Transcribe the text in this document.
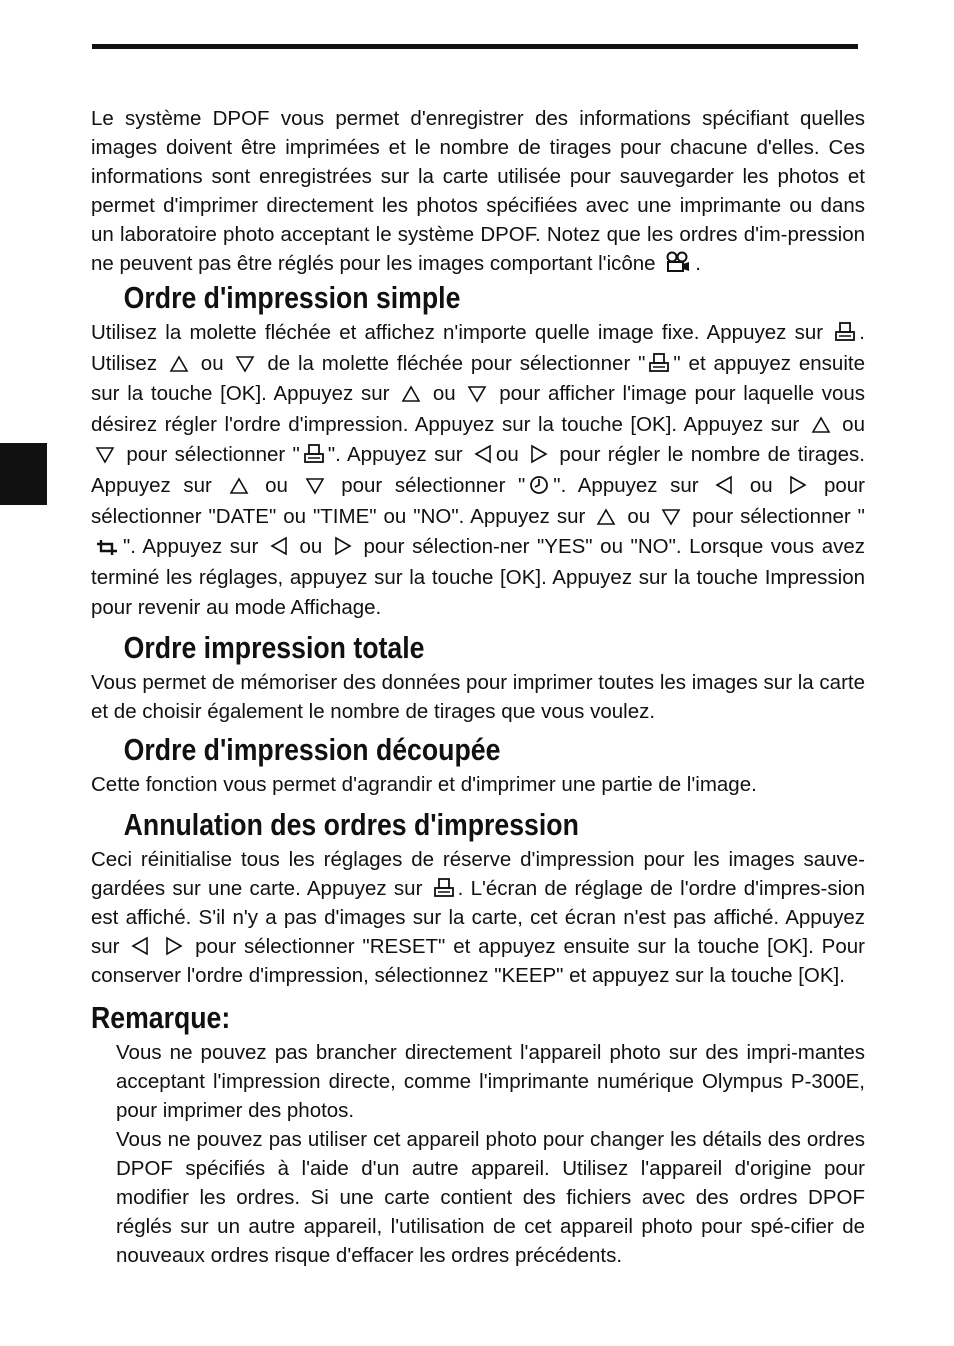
Le système DPOF vous permet d'enregistrer des informations spécifiant quelles images doivent être imprimées et le nombre de tirages pour chacune d'elles. Ces informations sont enregistrées sur la carte utilisée pour sauvegarder les photos et permet d'imprimer directement les photos spécifiées avec une imprimante ou dans un laboratoire photo acceptant le système DPOF. Notez que les ordres d'im-pression ne peuvent pas être réglés pour les images comportant l'icône .

Ordre d'impression simple

Utilisez la molette fléchée et affichez n'importe quelle image fixe. Appuyez sur . Utilisez ou de la molette fléchée pour sélectionner " " et appuyez ensuite sur la touche [OK]. Appuyez sur ou pour afficher l'image pour laquelle vous désirez régler l'ordre d'impression. Appuyez sur la touche [OK]. Appuyez sur ou
pour sélectionner " ". Appuyez sur ou pour régler le nombre de tirages. Appuyez sur	ou	pour sélectionner " ". Appuyez sur	ou	pour sélectionner "DATE" ou "TIME" ou "NO". Appuyez sur ou pour sélectionner "
". Appuyez sur ou pour sélection-ner "YES" ou "NO". Lorsque vous avez terminé les réglages, appuyez sur la touche [OK]. Appuyez sur la touche Impression pour revenir au mode Affichage.

Ordre impression totale

Vous permet de mémoriser des données pour imprimer toutes les images sur la carte et de choisir également le nombre de tirages que vous voulez.

Ordre d'impression découpée

Cette fonction vous permet d'agrandir et d'imprimer une partie de l'image.

Annulation des ordres d'impression

Ceci réinitialise tous les réglages de réserve d'impression pour les images sauve-gardées sur une carte. Appuyez sur . L'écran de réglage de l'ordre d'impres-sion est affiché. S'il n'y a pas d'images sur la carte, cet écran n'est pas affiché. Appuyez sur
	pour sélectionner "RESET" et appuyez ensuite sur la touche [OK]. Pour conserver l'ordre d'impression, sélectionnez "KEEP" et appuyez sur la touche [OK].

Remarque:

Vous ne pouvez pas brancher directement l'appareil photo sur des impri-mantes acceptant l'impression directe, comme l'imprimante numérique Olympus P-300E, pour imprimer des photos.

Vous ne pouvez pas utiliser cet appareil photo pour changer les détails des ordres DPOF spécifiés à l'aide d'un autre appareil. Utilisez l'appareil d'origine pour modifier les ordres. Si une carte contient des fichiers avec des ordres DPOF réglés sur un autre appareil, l'utilisation de cet appareil photo pour spé-cifier de nouveaux ordres risque d'effacer les ordres précédents.
